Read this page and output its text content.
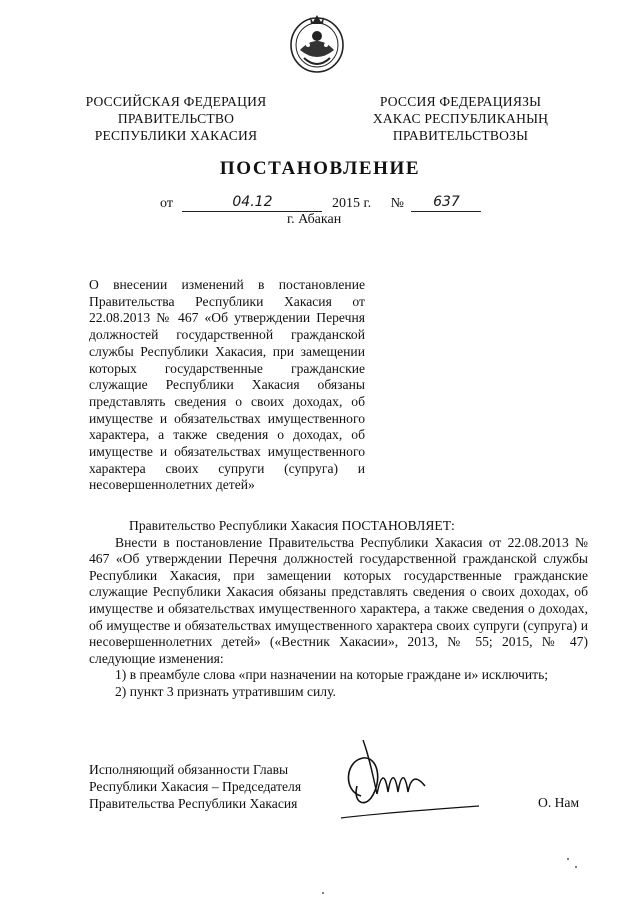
РОССИЙСКАЯ ФЕДЕРАЦИЯ
ПРАВИТЕЛЬСТВО
РЕСПУБЛИКИ ХАКАСИЯ
РОССИЯ ФЕДЕРАЦИЯЗЫ
ХАКАС РЕСПУБЛИКАНЫҢ
ПРАВИТЕЛЬСТВОЗЫ
ПОСТАНОВЛЕНИЕ
от	04.12	2015 г. № 637
г. Абакан
О внесении изменений в постановление
Правительства Республики Хакасия от
22.08.2013 № 467 «Об утверждении Перечня
должностей государственной гражданской
службы Республики Хакасия, при замещении
которых государственные гражданские
служащие Республики Хакасия обязаны
представлять сведения о своих доходах, об
имуществе и обязательствах имущественного
характера, а также сведения о доходах, об
имуществе и обязательствах имущественного
характера своих супруги (супруга) и
несовершеннолетних детей»

Правительство Республики Хакасия ПОСТАНОВЛЯЕТ:

Внести в постановление Правительства Республики Хакасия от 22.08.2013 № 467 «Об утверждении Перечня должностей государственной гражданской службы Республики Хакасия, при замещении которых государственные гражданские служащие Республики Хакасия обязаны представлять сведения о своих доходах, об имуществе и обязательствах имущественного характера, а также сведения о доходах, об имуществе и обязательствах имущественного характера своих супруги (супруга) и несовершеннолетних детей» («Вестник Хакасии», 2013, № 55; 2015, № 47) следующие изменения:

1) в преамбуле слова «при назначении на которые граждане и» исключить;

2) пункт 3 признать утратившим силу.

Исполняющий обязанности Главы
Республики Хакасия – Председателя
Правительства Республики Хакасия	О. Нам
